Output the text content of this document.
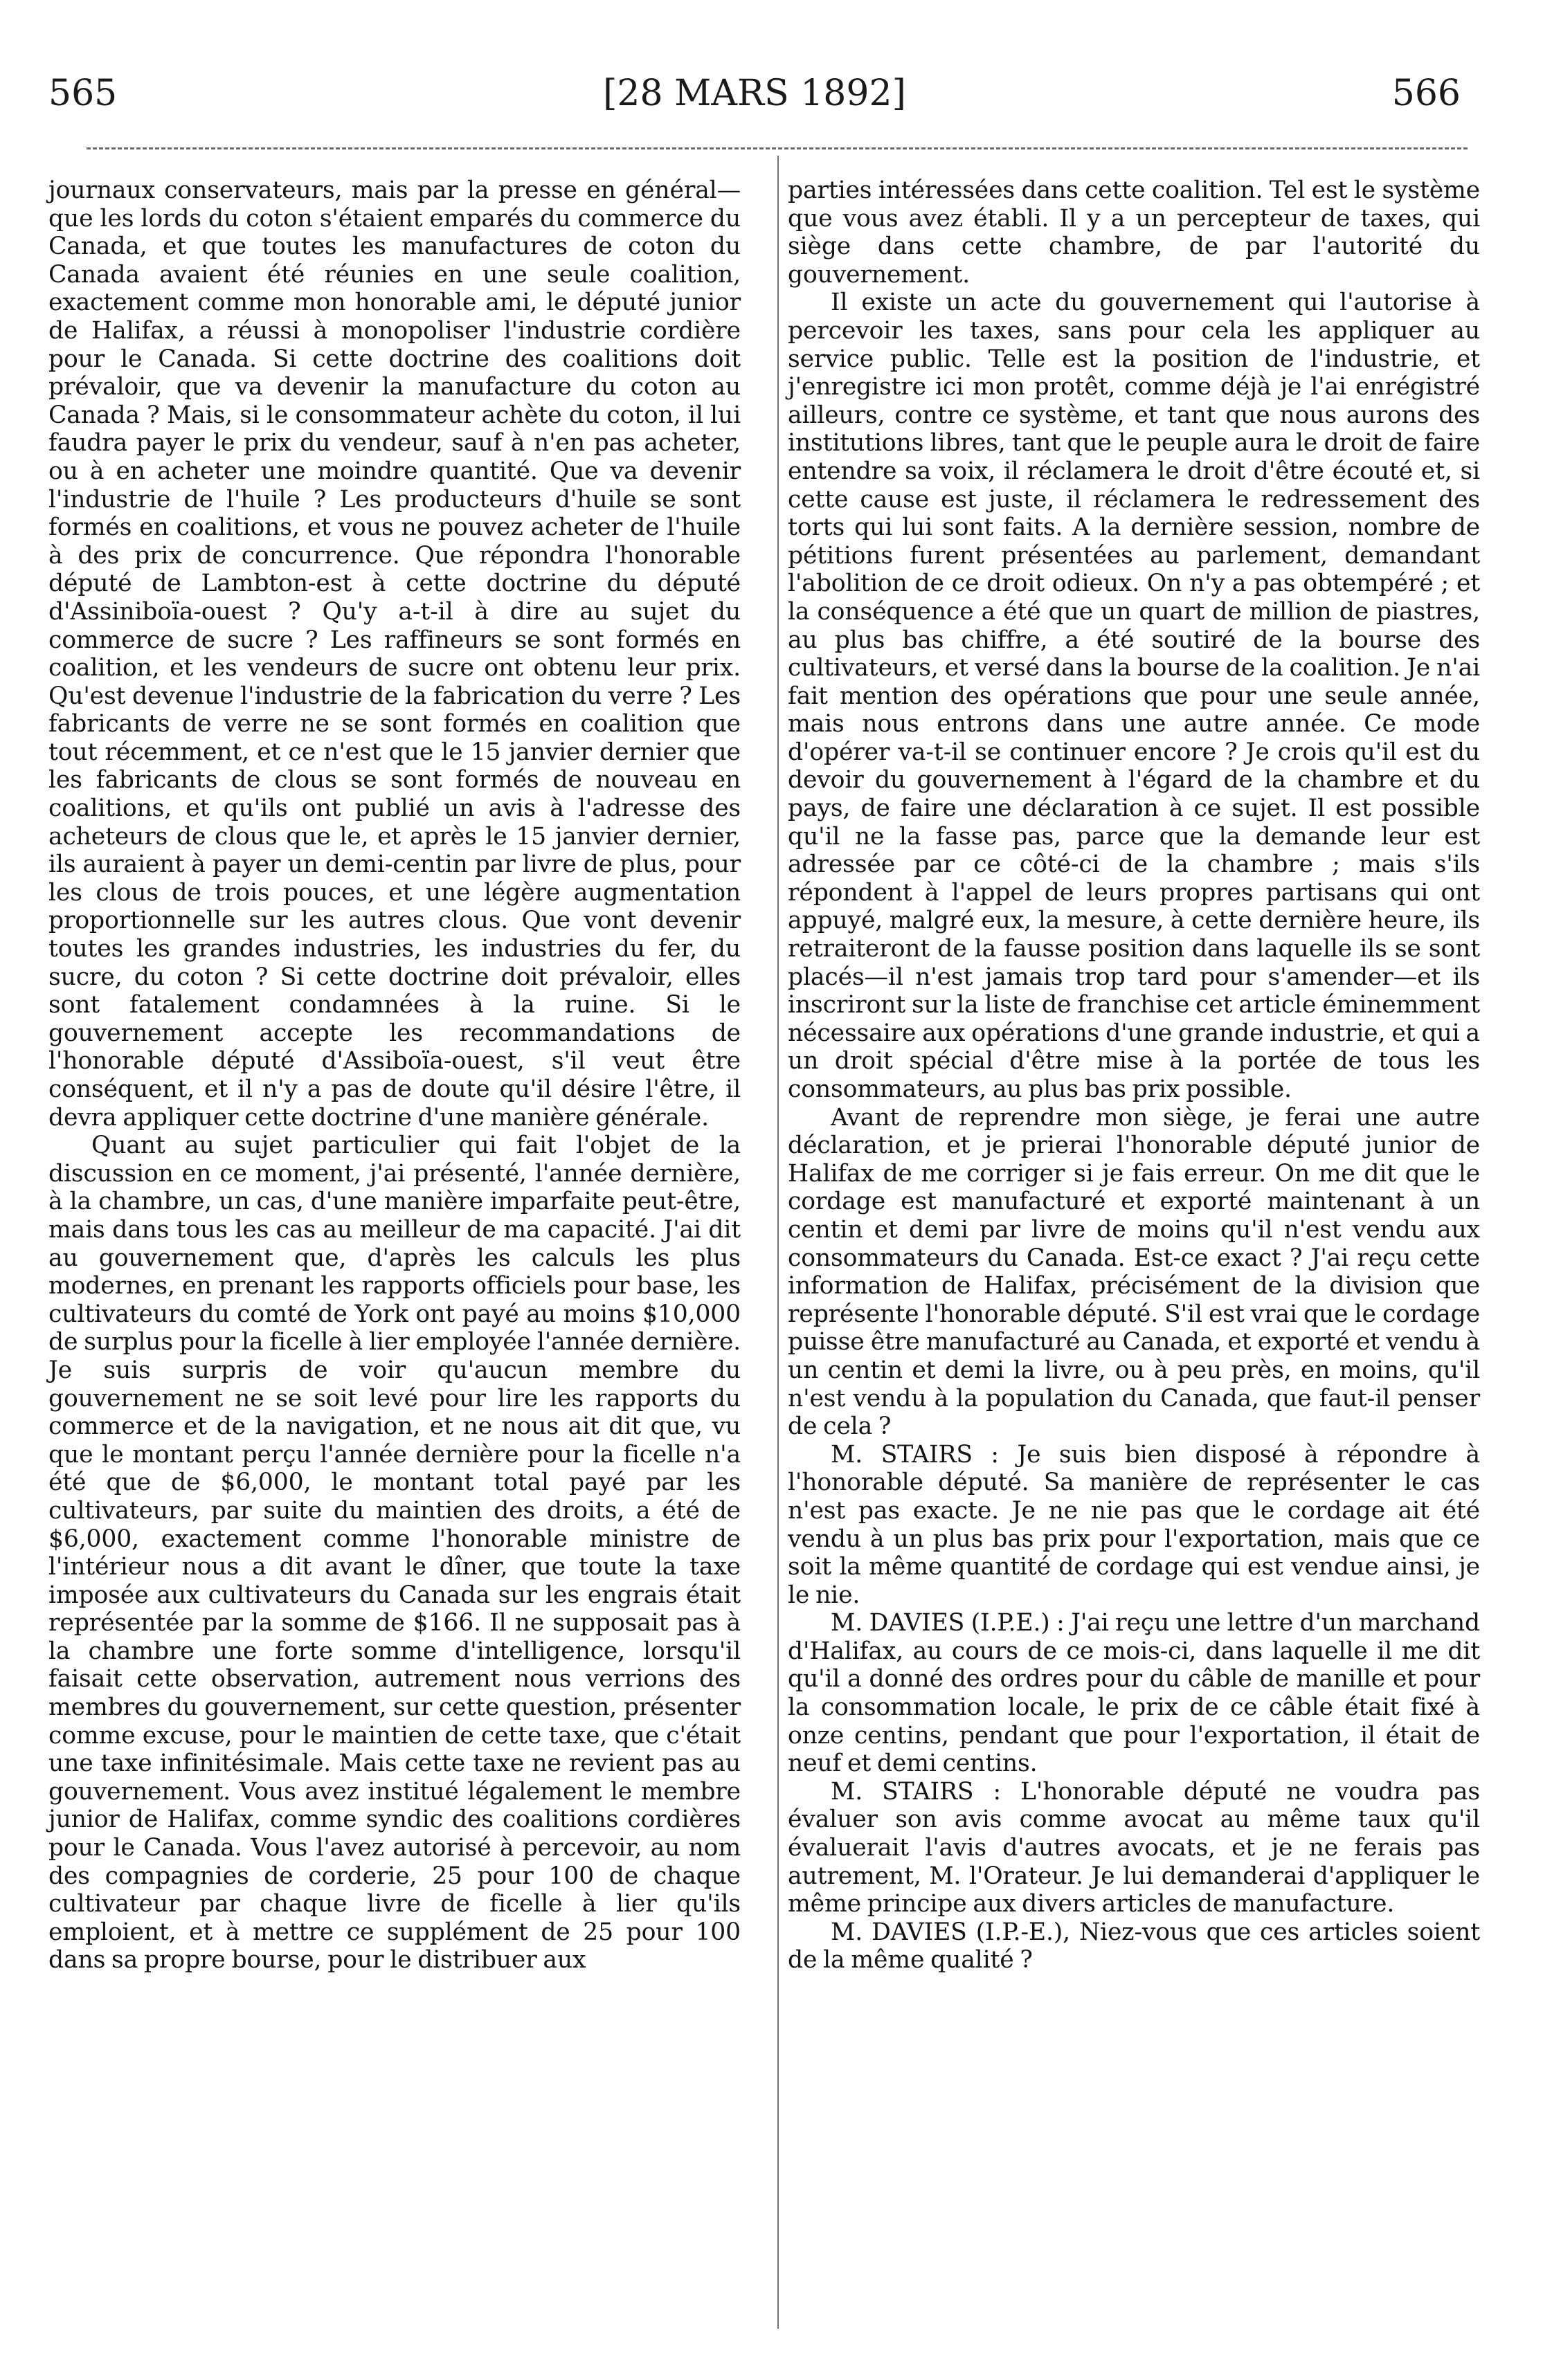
565	[28 MARS 1892]	566

journaux conservateurs, mais par la presse en général—que les lords du coton s'étaient emparés du commerce du Canada, et que toutes les manufactures de coton du Canada avaient été réunies en une seule coalition, exactement comme mon honorable ami, le député junior de Halifax, a réussi à monopoliser l'industrie cordière pour le Canada. Si cette doctrine des coalitions doit prévaloir, que va devenir la manufacture du coton au Canada ? Mais, si le consommateur achète du coton, il lui faudra payer le prix du vendeur, sauf à n'en pas acheter, ou à en acheter une moindre quantité. Que va devenir l'industrie de l'huile ? Les producteurs d'huile se sont formés en coalitions, et vous ne pouvez acheter de l'huile à des prix de concurrence. Que répondra l'honorable député de Lambton-est à cette doctrine du député d'Assiniboïa-ouest ? Qu'y a-t-il à dire au sujet du commerce de sucre ? Les raffineurs se sont formés en coalition, et les vendeurs de sucre ont obtenu leur prix. Qu'est devenue l'industrie de la fabrication du verre ? Les fabricants de verre ne se sont formés en coalition que tout récemment, et ce n'est que le 15 janvier dernier que les fabricants de clous se sont formés de nouveau en coalitions, et qu'ils ont publié un avis à l'adresse des acheteurs de clous que le, et après le 15 janvier dernier, ils auraient à payer un demi-centin par livre de plus, pour les clous de trois pouces, et une légère augmentation proportionnelle sur les autres clous. Que vont devenir toutes les grandes industries, les industries du fer, du sucre, du coton ? Si cette doctrine doit prévaloir, elles sont fatalement condamnées à la ruine. Si le gouvernement accepte les recommandations de l'honorable député d'Assiboïa-ouest, s'il veut être conséquent, et il n'y a pas de doute qu'il désire l'être, il devra appliquer cette doctrine d'une manière générale.

Quant au sujet particulier qui fait l'objet de la discussion en ce moment, j'ai présenté, l'année dernière, à la chambre, un cas, d'une manière imparfaite peut-être, mais dans tous les cas au meilleur de ma capacité. J'ai dit au gouvernement que, d'après les calculs les plus modernes, en prenant les rapports officiels pour base, les cultivateurs du comté de York ont payé au moins $10,000 de surplus pour la ficelle à lier employée l'année dernière. Je suis surpris de voir qu'aucun membre du gouvernement ne se soit levé pour lire les rapports du commerce et de la navigation, et ne nous ait dit que, vu que le montant perçu l'année dernière pour la ficelle n'a été que de $6,000, le montant total payé par les cultivateurs, par suite du maintien des droits, a été de $6,000, exactement comme l'honorable ministre de l'intérieur nous a dit avant le dîner, que toute la taxe imposée aux cultivateurs du Canada sur les engrais était représentée par la somme de $166. Il ne supposait pas à la chambre une forte somme d'intelligence, lorsqu'il faisait cette observation, autrement nous verrions des membres du gouvernement, sur cette question, présenter comme excuse, pour le maintien de cette taxe, que c'était une taxe infinitésimale. Mais cette taxe ne revient pas au gouvernement. Vous avez institué légalement le membre junior de Halifax, comme syndic des coalitions cordières pour le Canada. Vous l'avez autorisé à percevoir, au nom des compagnies de corderie, 25 pour 100 de chaque cultivateur par chaque livre de ficelle à lier qu'ils emploient, et à mettre ce supplément de 25 pour 100 dans sa propre bourse, pour le distribuer aux

parties intéressées dans cette coalition. Tel est le système que vous avez établi. Il y a un percepteur de taxes, qui siège dans cette chambre, de par l'autorité du gouvernement.

Il existe un acte du gouvernement qui l'autorise à percevoir les taxes, sans pour cela les appliquer au service public. Telle est la position de l'industrie, et j'enregistre ici mon protêt, comme déjà je l'ai enrégistré ailleurs, contre ce système, et tant que nous aurons des institutions libres, tant que le peuple aura le droit de faire entendre sa voix, il réclamera le droit d'être écouté et, si cette cause est juste, il réclamera le redressement des torts qui lui sont faits. A la dernière session, nombre de pétitions furent présentées au parlement, demandant l'abolition de ce droit odieux. On n'y a pas obtempéré ; et la conséquence a été que un quart de million de piastres, au plus bas chiffre, a été soutiré de la bourse des cultivateurs, et versé dans la bourse de la coalition. Je n'ai fait mention des opérations que pour une seule année, mais nous entrons dans une autre année. Ce mode d'opérer va-t-il se continuer encore ? Je crois qu'il est du devoir du gouvernement à l'égard de la chambre et du pays, de faire une déclaration à ce sujet. Il est possible qu'il ne la fasse pas, parce que la demande leur est adressée par ce côté-ci de la chambre ; mais s'ils répondent à l'appel de leurs propres partisans qui ont appuyé, malgré eux, la mesure, à cette dernière heure, ils retraiteront de la fausse position dans laquelle ils se sont placés—il n'est jamais trop tard pour s'amender—et ils inscriront sur la liste de franchise cet article éminemment nécessaire aux opérations d'une grande industrie, et qui a un droit spécial d'être mise à la portée de tous les consommateurs, au plus bas prix possible.

Avant de reprendre mon siège, je ferai une autre déclaration, et je prierai l'honorable député junior de Halifax de me corriger si je fais erreur. On me dit que le cordage est manufacturé et exporté maintenant à un centin et demi par livre de moins qu'il n'est vendu aux consommateurs du Canada. Est-ce exact ? J'ai reçu cette information de Halifax, précisément de la division que représente l'honorable député. S'il est vrai que le cordage puisse être manufacturé au Canada, et exporté et vendu à un centin et demi la livre, ou à peu près, en moins, qu'il n'est vendu à la population du Canada, que faut-il penser de cela ?

M. STAIRS : Je suis bien disposé à répondre à l'honorable député. Sa manière de représenter le cas n'est pas exacte. Je ne nie pas que le cordage ait été vendu à un plus bas prix pour l'exportation, mais que ce soit la même quantité de cordage qui est vendue ainsi, je le nie.

M. DAVIES (I.P.E.) : J'ai reçu une lettre d'un marchand d'Halifax, au cours de ce mois-ci, dans laquelle il me dit qu'il a donné des ordres pour du câble de manille et pour la consommation locale, le prix de ce câble était fixé à onze centins, pendant que pour l'exportation, il était de neuf et demi centins.

M. STAIRS : L'honorable député ne voudra pas évaluer son avis comme avocat au même taux qu'il évaluerait l'avis d'autres avocats, et je ne ferais pas autrement, M. l'Orateur. Je lui demanderai d'appliquer le même principe aux divers articles de manufacture.

M. DAVIES (I.P.-E.), Niez-vous que ces articles soient de la même qualité ?
